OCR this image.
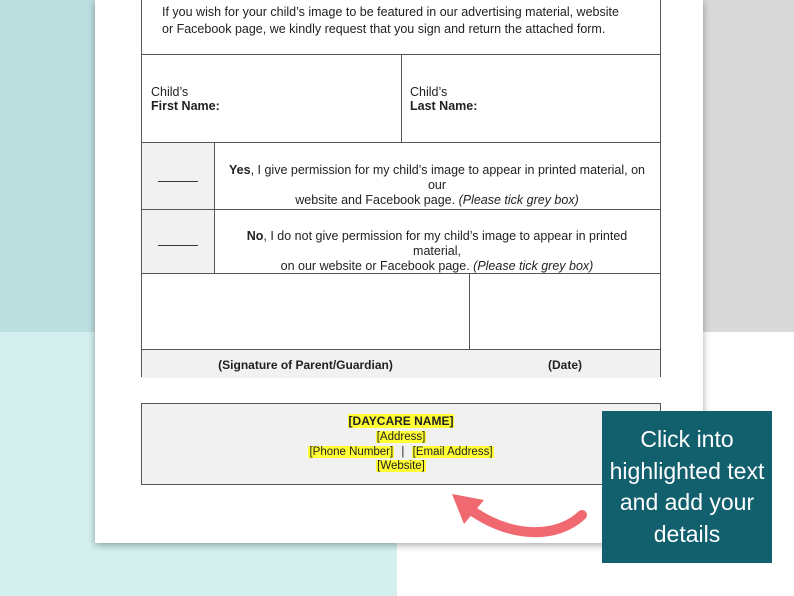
If you wish for your child’s image to be featured in our advertising material, website or Facebook page, we kindly request that you sign and return the attached form.
Child’s
First Name:
Child’s
Last Name:
Yes, I give permission for my child’s image to appear in printed material, on our
website and Facebook page. (Please tick grey box)
No, I do not give permission for my child’s image to appear in printed material,
on our website or Facebook page. (Please tick grey box)
(Signature of Parent/Guardian)	(Date)
[DAYCARE NAME]
[Address]
[Phone Number] | [Email Address]
[Website]
Click into highlighted text and add your details
